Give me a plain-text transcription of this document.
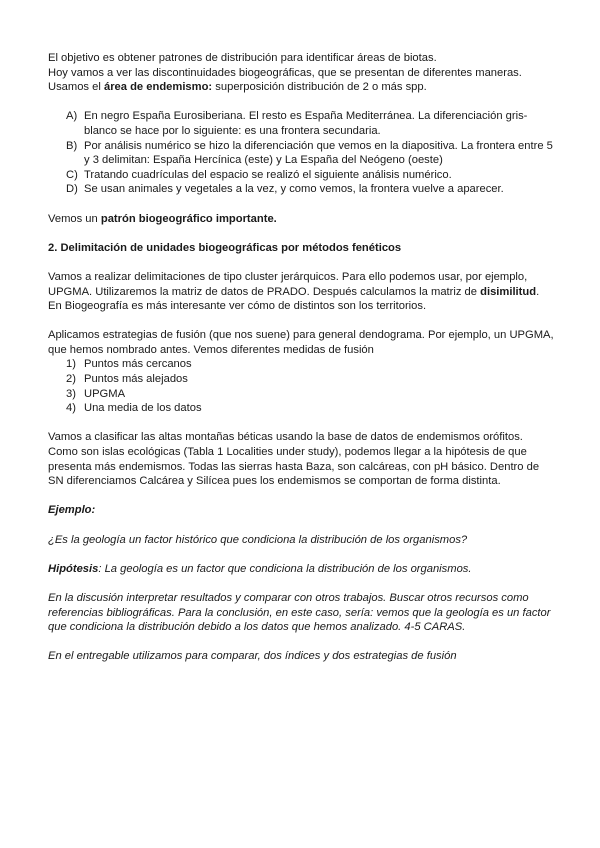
El objetivo es obtener patrones de distribución para identificar áreas de biotas.

Hoy vamos a ver las discontinuidades biogeográficas, que se presentan de diferentes maneras.

Usamos el área de endemismo: superposición distribución de 2 o más spp.

A) En negro España Eurosiberiana. El resto es España Mediterránea. La diferenciación gris-blanco se hace por lo siguiente: es una frontera secundaria.
B) Por análisis numérico se hizo la diferenciación que vemos en la diapositiva. La frontera entre 5 y 3 delimitan: España Hercínica (este) y La España del Neógeno (oeste)
C) Tratando cuadrículas del espacio se realizó el siguiente análisis numérico.
D) Se usan animales y vegetales a la vez, y como vemos, la frontera vuelve a aparecer.

Vemos un patrón biogeográfico importante.

2. Delimitación de unidades biogeográficas por métodos fenéticos

Vamos a realizar delimitaciones de tipo cluster jerárquicos. Para ello podemos usar, por ejemplo,

UPGMA. Utilizaremos la matriz de datos de PRADO. Después calculamos la matriz de disimilitud.

En Biogeografía es más interesante ver cómo de distintos son los territorios.

Aplicamos estrategias de fusión (que nos suene) para general dendograma. Por ejemplo, un UPGMA,

que hemos nombrado antes. Vemos diferentes medidas de fusión

1) Puntos más cercanos
2) Puntos más alejados
3) UPGMA
4) Una media de los datos

Vamos a clasificar las altas montañas béticas usando la base de datos de endemismos orófitos.

Como son islas ecológicas (Tabla 1 Localities under study), podemos llegar a la hipótesis de que

presenta más endemismos. Todas las sierras hasta Baza, son calcáreas, con pH básico. Dentro de

SN diferenciamos Calcárea y Silícea pues los endemismos se comportan de forma distinta.

Ejemplo:

¿Es la geología un factor histórico que condiciona la distribución de los organismos?

Hipótesis: La geología es un factor que condiciona la distribución de los organismos.

En la discusión interpretar resultados y comparar con otros trabajos. Buscar otros recursos como

referencias bibliográficas. Para la conclusión, en este caso, sería: vemos que la geología es un factor

que condiciona la distribución debido a los datos que hemos analizado. 4-5 CARAS.

En el entregable utilizamos para comparar, dos índices y dos estrategias de fusión
